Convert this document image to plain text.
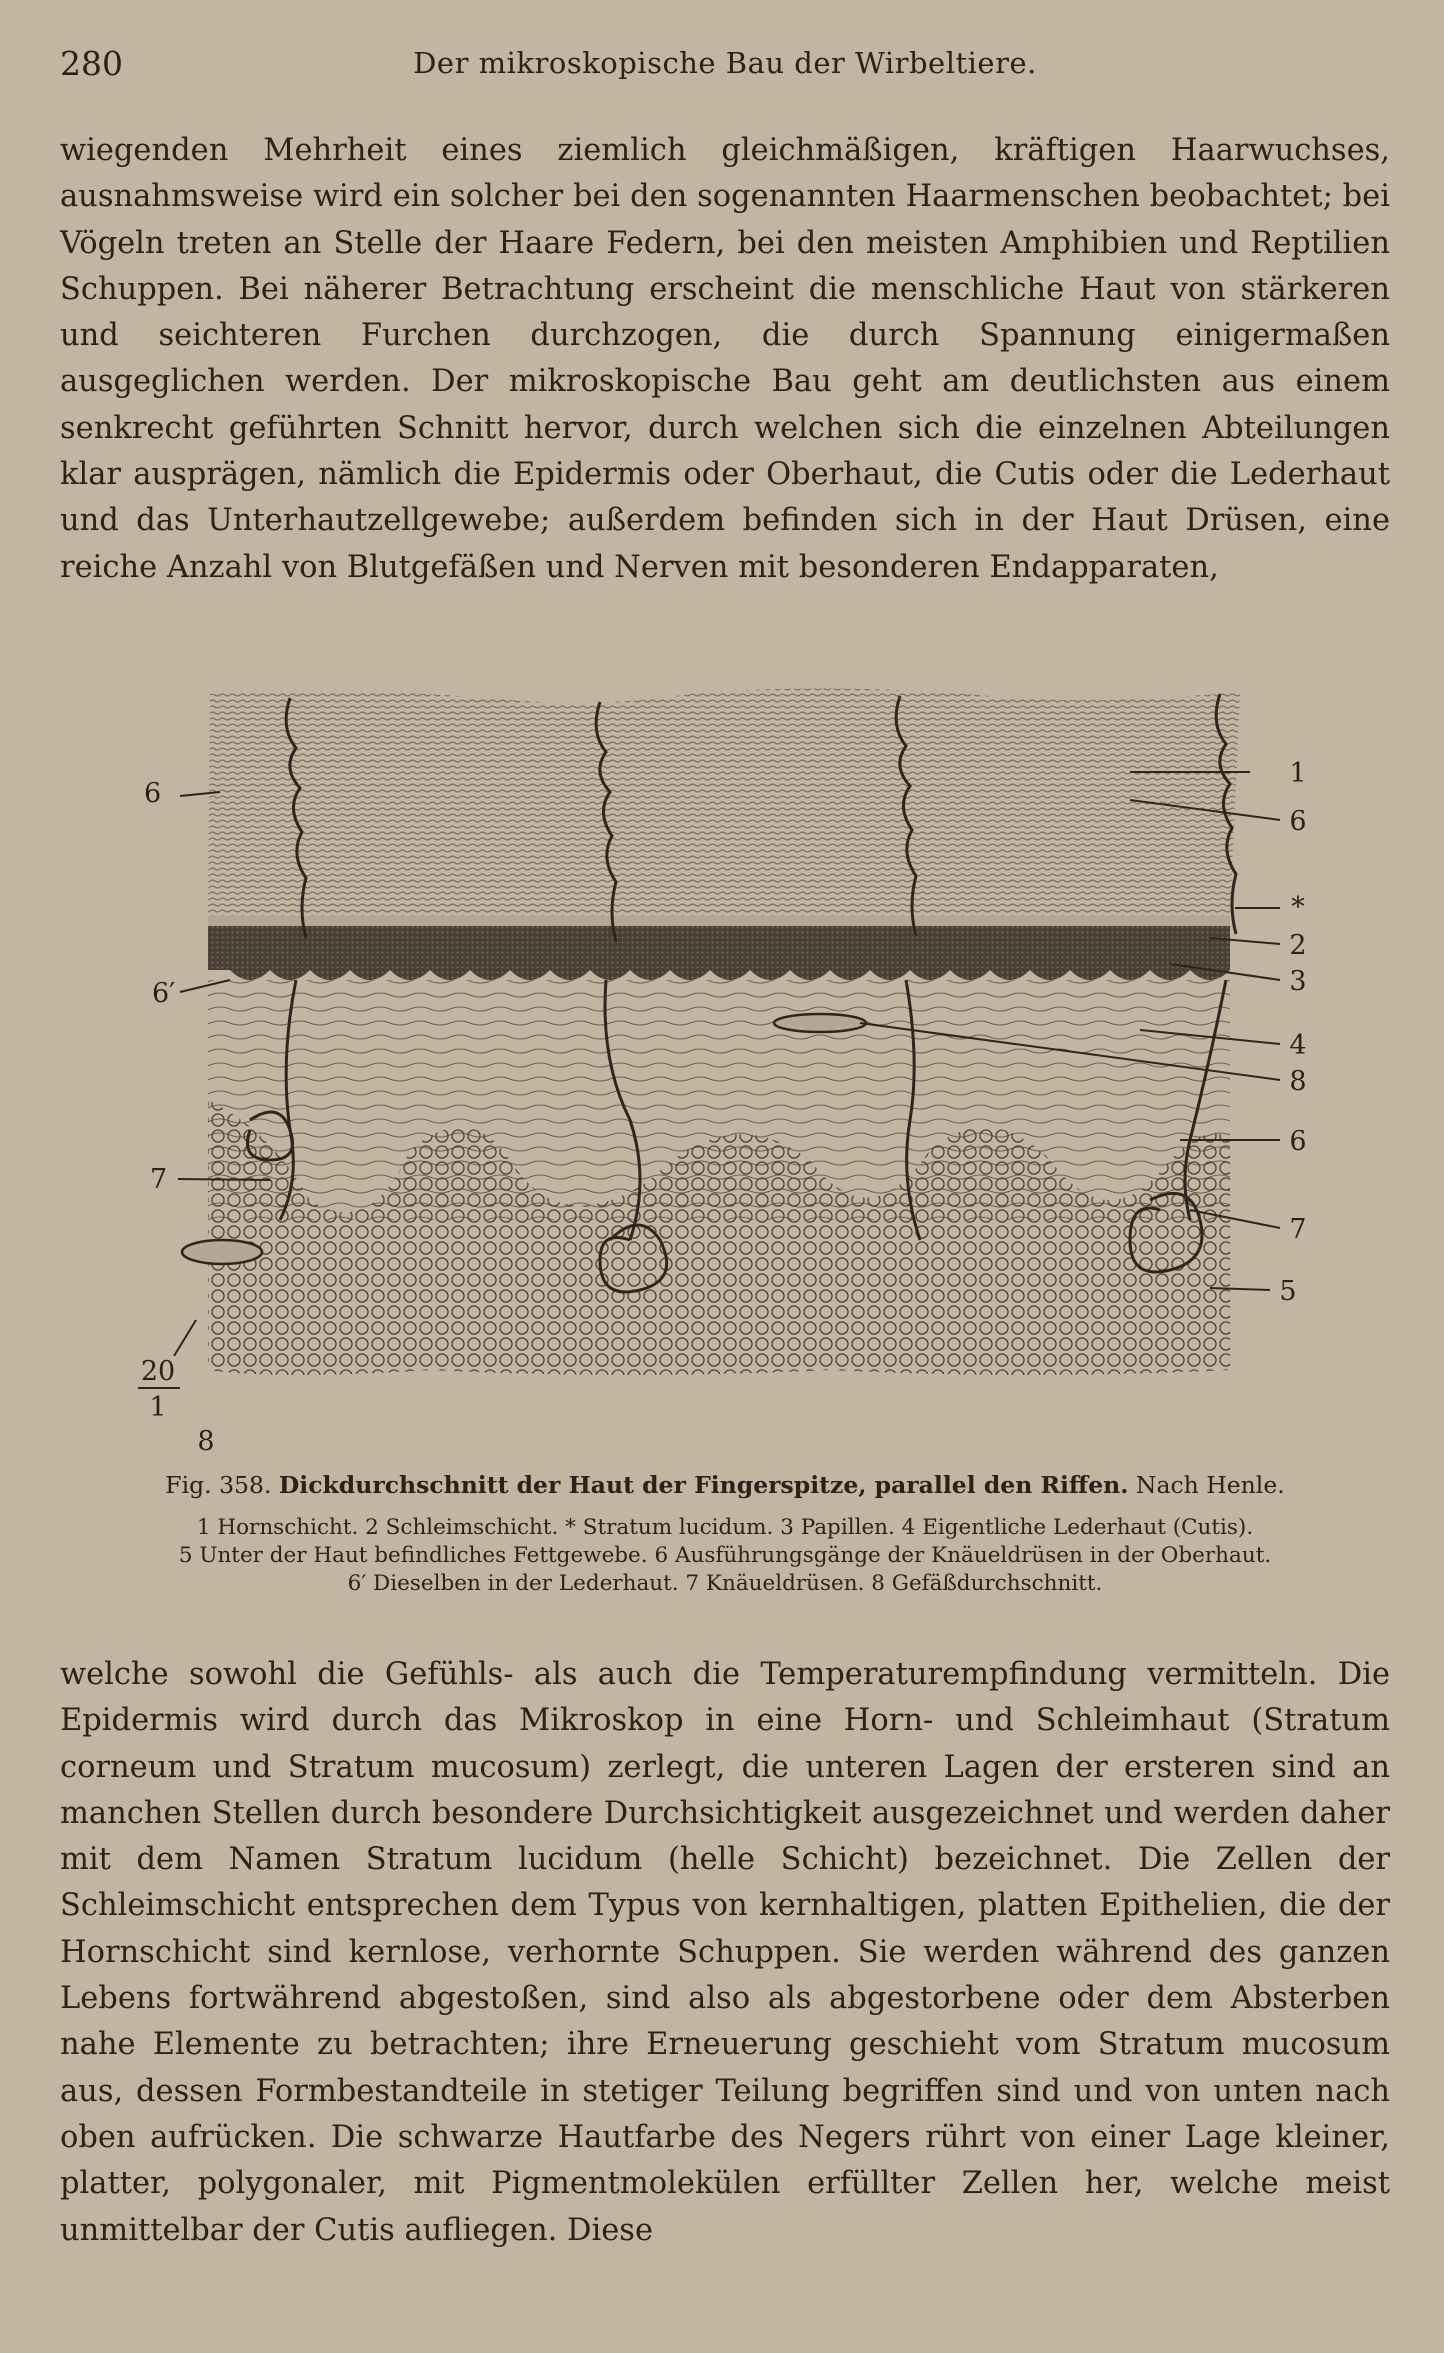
280	Der mikroskopische Bau der Wirbeltiere.

wiegenden Mehrheit eines ziemlich gleichmäßigen, kräftigen Haarwuchses, ausnahmsweise wird ein solcher bei den sogenannten Haarmenschen beobachtet; bei Vögeln treten an Stelle der Haare Federn, bei den meisten Amphibien und Reptilien Schuppen. Bei näherer Betrachtung erscheint die menschliche Haut von stärkeren und seichteren Furchen durchzogen, die durch Spannung einigermaßen ausgeglichen werden. Der mikroskopische Bau geht am deutlichsten aus einem senkrecht geführten Schnitt hervor, durch welchen sich die einzelnen Abteilungen klar ausprägen, nämlich die Epidermis oder Oberhaut, die Cutis oder die Lederhaut und das Unterhautzellgewebe; außerdem befinden sich in der Haut Drüsen, eine reiche Anzahl von Blutgefäßen und Nerven mit besonderen Endapparaten,

1
6
*
2
3
4
8
6
7
5
6
6′
7
20
1
8
Fig. 358. Dickdurchschnitt der Haut der Fingerspitze, parallel den Riffen. Nach Henle.
1 Hornschicht. 2 Schleimschicht. * Stratum lucidum. 3 Papillen. 4 Eigentliche Lederhaut (Cutis).
5 Unter der Haut befindliches Fettgewebe. 6 Ausführungsgänge der Knäueldrüsen in der Oberhaut.
6′ Dieselben in der Lederhaut. 7 Knäueldrüsen. 8 Gefäßdurchschnitt.

welche sowohl die Gefühls- als auch die Temperaturempfindung vermitteln. Die Epidermis wird durch das Mikroskop in eine Horn- und Schleimhaut (Stratum corneum und Stratum mucosum) zerlegt, die unteren Lagen der ersteren sind an manchen Stellen durch besondere Durchsichtigkeit ausgezeichnet und werden daher mit dem Namen Stratum lucidum (helle Schicht) bezeichnet. Die Zellen der Schleimschicht entsprechen dem Typus von kernhaltigen, platten Epithelien, die der Hornschicht sind kernlose, verhornte Schuppen. Sie werden während des ganzen Lebens fortwährend abgestoßen, sind also als abgestorbene oder dem Absterben nahe Elemente zu betrachten; ihre Erneuerung geschieht vom Stratum mucosum aus, dessen Formbestandteile in stetiger Teilung begriffen sind und von unten nach oben aufrücken. Die schwarze Hautfarbe des Negers rührt von einer Lage kleiner, platter, polygonaler, mit Pigmentmolekülen erfüllter Zellen her, welche meist unmittelbar der Cutis aufliegen. Diese
